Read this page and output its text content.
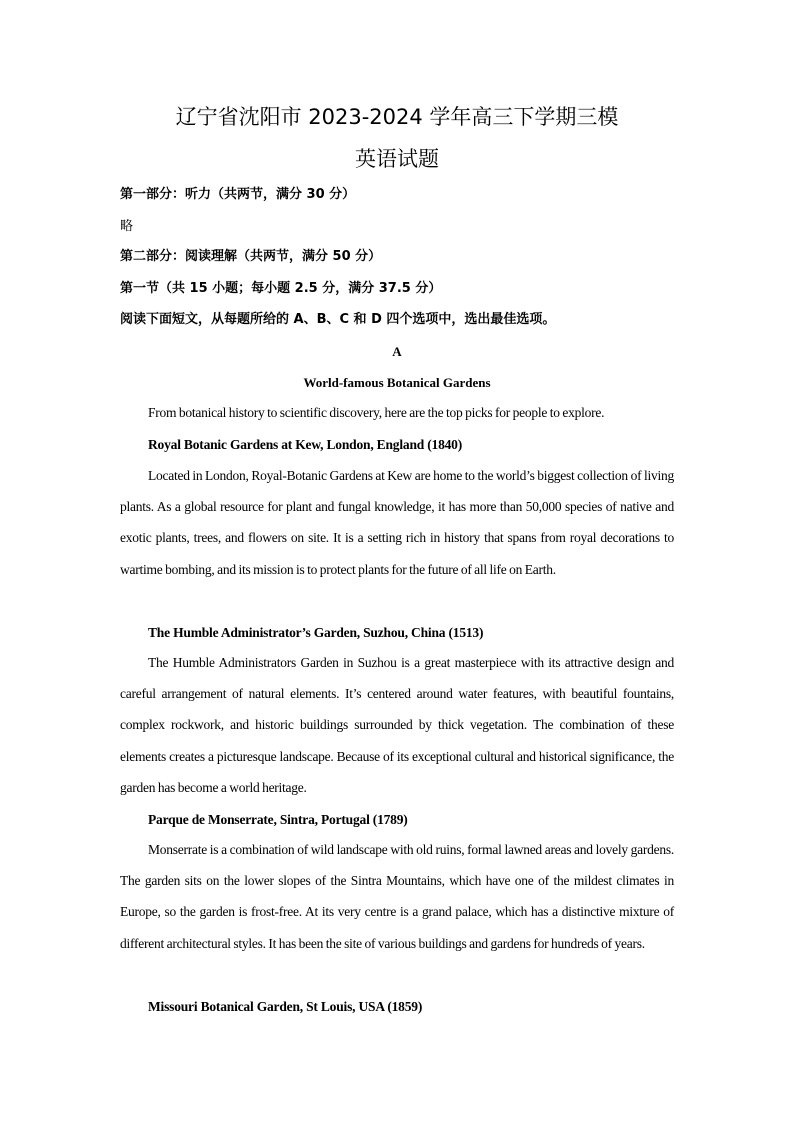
辽宁省沈阳市 2023-2024 学年高三下学期三模
英语试题
第一部分：听力（共两节，满分 30 分）
略
第二部分：阅读理解（共两节，满分 50 分）
第一节（共 15 小题；每小题 2.5 分，满分 37.5 分）
阅读下面短文，从每题所给的 A、B、C 和 D 四个选项中，选出最佳选项。
A
World-famous Botanical Gardens
From botanical history to scientific discovery, here are the top picks for people to explore.
Royal Botanic Gardens at Kew, London, England (1840)
Located in London, Royal-Botanic Gardens at Kew are home to the world’s biggest collection of living plants. As a global resource for plant and fungal knowledge, it has more than 50,000 species of native and exotic plants, trees, and flowers on site. It is a setting rich in history that spans from royal decorations to wartime bombing, and its mission is to protect plants for the future of all life on Earth.
The Humble Administrator’s Garden, Suzhou, China (1513)
The Humble Administrators Garden in Suzhou is a great masterpiece with its attractive design and careful arrangement of natural elements. It’s centered around water features, with beautiful fountains, complex rockwork, and historic buildings surrounded by thick vegetation. The combination of these elements creates a picturesque landscape. Because of its exceptional cultural and historical significance, the garden has become a world heritage.
Parque de Monserrate, Sintra, Portugal (1789)
Monserrate is a combination of wild landscape with old ruins, formal lawned areas and lovely gardens. The garden sits on the lower slopes of the Sintra Mountains, which have one of the mildest climates in Europe, so the garden is frost-free. At its very centre is a grand palace, which has a distinctive mixture of different architectural styles. It has been the site of various buildings and gardens for hundreds of years.
Missouri Botanical Garden, St Louis, USA (1859)
